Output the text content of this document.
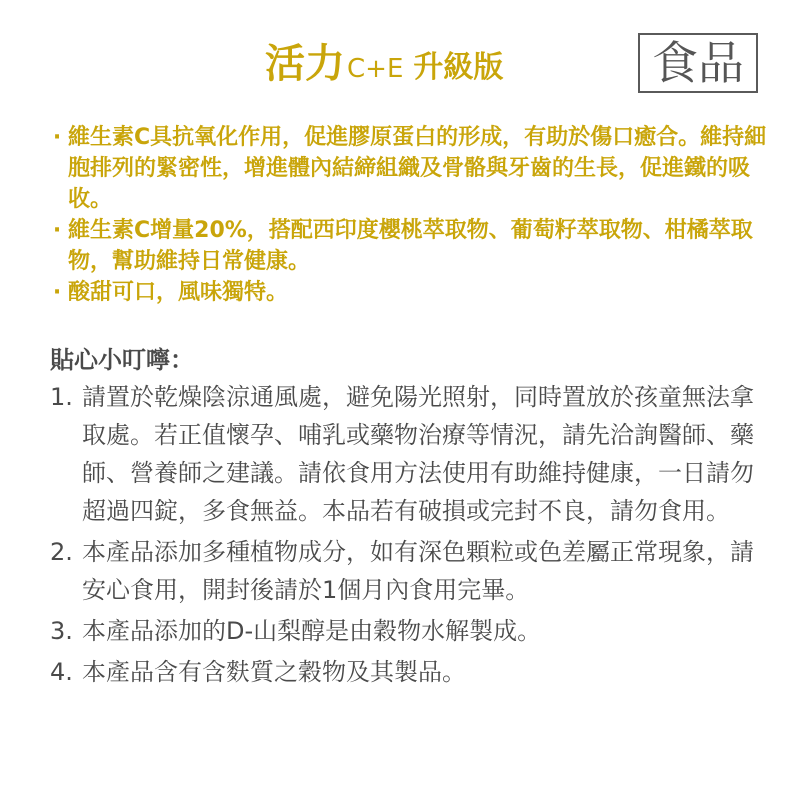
活力C+E 升級版	食品
· 維生素C具抗氧化作用，促進膠原蛋白的形成，有助於傷口癒合。維持細胞排列的緊密性，增進體內結締組織及骨骼與牙齒的生長，促進鐵的吸收。
· 維生素C增量20%，搭配西印度櫻桃萃取物、葡萄籽萃取物、柑橘萃取物，幫助維持日常健康。
· 酸甜可口，風味獨特。
貼心小叮嚀：
1. 請置於乾燥陰涼通風處，避免陽光照射，同時置放於孩童無法拿取處。若正值懷孕、哺乳或藥物治療等情況，請先洽詢醫師、藥師、營養師之建議。請依食用方法使用有助維持健康，一日請勿超過四錠，多食無益。本品若有破損或完封不良，請勿食用。
2. 本產品添加多種植物成分，如有深色顆粒或色差屬正常現象，請安心食用，開封後請於1個月內食用完畢。
3. 本產品添加的D-山梨醇是由穀物水解製成。
4. 本產品含有含麩質之穀物及其製品。
